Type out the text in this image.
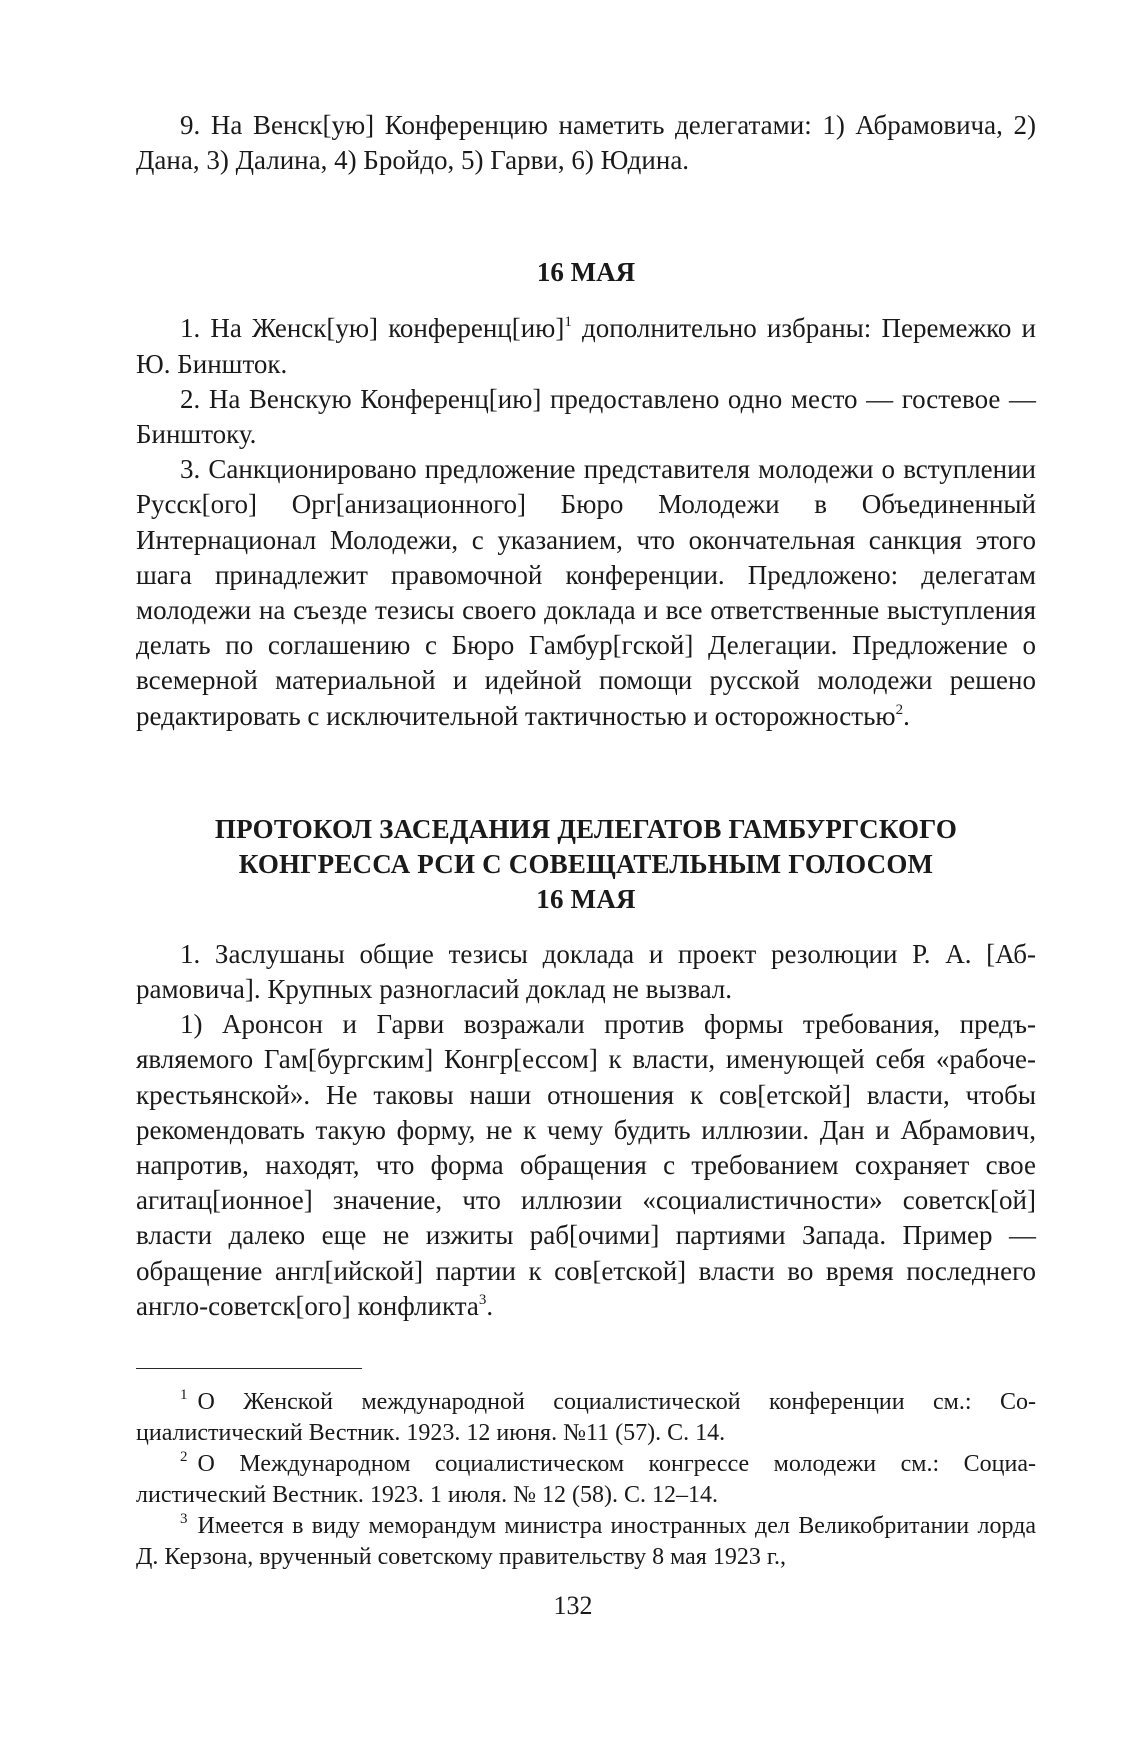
9. На Венск[ую] Конференцию наметить делегатами: 1) Абрамовича, 2) Дана, 3) Далина, 4) Бройдо, 5) Гарви, 6) Юдина.

16 МАЯ

1. На Женск[ую] конференц[ию]$^1$ дополнительно избраны: Перемежко и Ю. Биншток.

2. На Венскую Конференц[ию] предоставлено одно место — гостевое — Бинштоку.

3. Санкционировано предложение представителя молодежи о вступлении Русск[ого] Орг[анизационного] Бюро Молодежи в Объединенный Интернационал Молодежи, с указанием, что окончательная санкция этого шага принадлежит правомочной конференции. Предложено: делегатам молодежи на съезде тезисы своего доклада и все ответственные выступления делать по соглашению с Бюро Гамбур[гской] Делегации. Предложение о всемерной материальной и идейной помощи русской молодежи решено редактировать с исключительной тактичностью и осторожностью$^2$.

ПРОТОКОЛ ЗАСЕДАНИЯ ДЕЛЕГАТОВ ГАМБУРГСКОГО
КОНГРЕССА РСИ С СОВЕЩАТЕЛЬНЫМ ГОЛОСОМ
16 МАЯ

1. Заслушаны общие тезисы доклада и проект резолюции Р. А. [Абрамовича]. Крупных разногласий доклад не вызвал.

1) Аронсон и Гарви возражали против формы требования, предъявляемого Гам[бургским] Конгр[ессом] к власти, именующей себя «рабоче-крестьянской». Не таковы наши отношения к сов[етской] власти, чтобы рекомендовать такую форму, не к чему будить иллюзии. Дан и Абрамович, напротив, находят, что форма обращения с требованием сохраняет свое агитац[ионное] значение, что иллюзии «социалистичности» советск[ой] власти далеко еще не изжиты раб[очими] партиями Запада. Пример — обращение англ[ийской] партии к сов[етской] власти во время последнего англо-советск[ого] конфликта$^3$.

$^1$ О Женской международной социалистической конференции см.: Социалистический Вестник. 1923. 12 июня. №11 (57). С. 14.

$^2$ О Международном социалистическом конгрессе молодежи см.: Социалистический Вестник. 1923. 1 июля. № 12 (58). С. 12–14.

$^3$ Имеется в виду меморандум министра иностранных дел Великобритании лорда Д. Керзона, врученный советскому правительству 8 мая 1923 г.,

132
